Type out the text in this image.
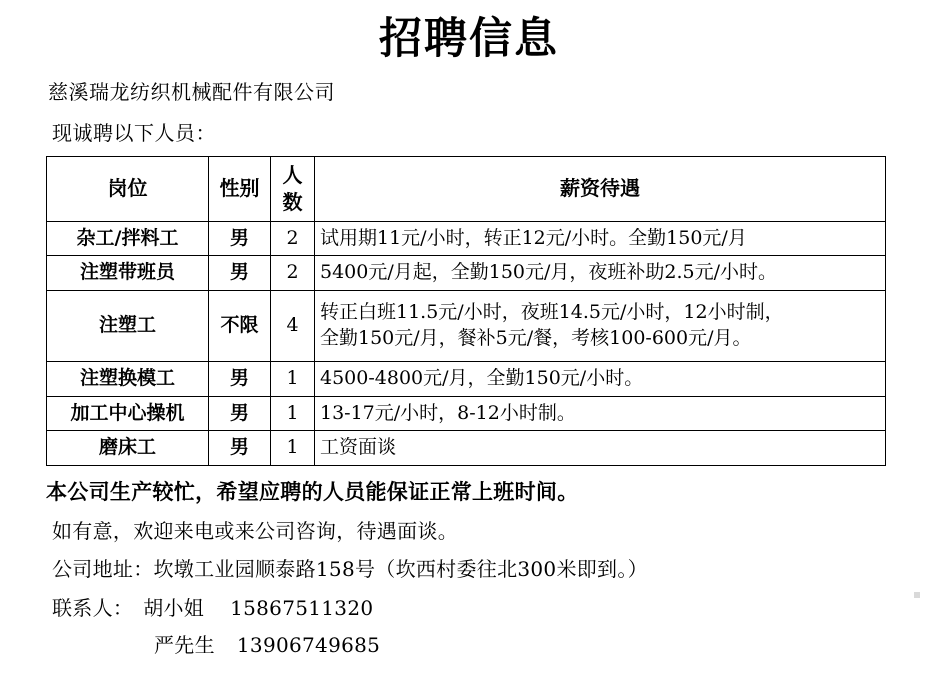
招聘信息
慈溪瑞龙纺织机械配件有限公司
现诚聘以下人员：
岗位	性别	人数	薪资待遇
杂工/拌料工	男	2	试用期11元/小时，转正12元/小时。全勤150元/月
注塑带班员	男	2	5400元/月起，全勤150元/月，夜班补助2.5元/小时。
注塑工	不限	4	转正白班11.5元/小时，夜班14.5元/小时，12小时制，
全勤150元/月，餐补5元/餐，考核100-600元/月。

注塑换模工	男	1	4500-4800元/月，全勤150元/小时。
加工中心操机	男	1	13-17元/小时，8-12小时制。
磨床工	男	1	工资面谈
本公司生产较忙，希望应聘的人员能保证正常上班时间。
如有意，欢迎来电或来公司咨询，待遇面谈。
公司地址：坎墩工业园顺泰路158号（坎西村委往北300米即到。）
联系人： 胡小姐 15867511320
严先生 13906749685
